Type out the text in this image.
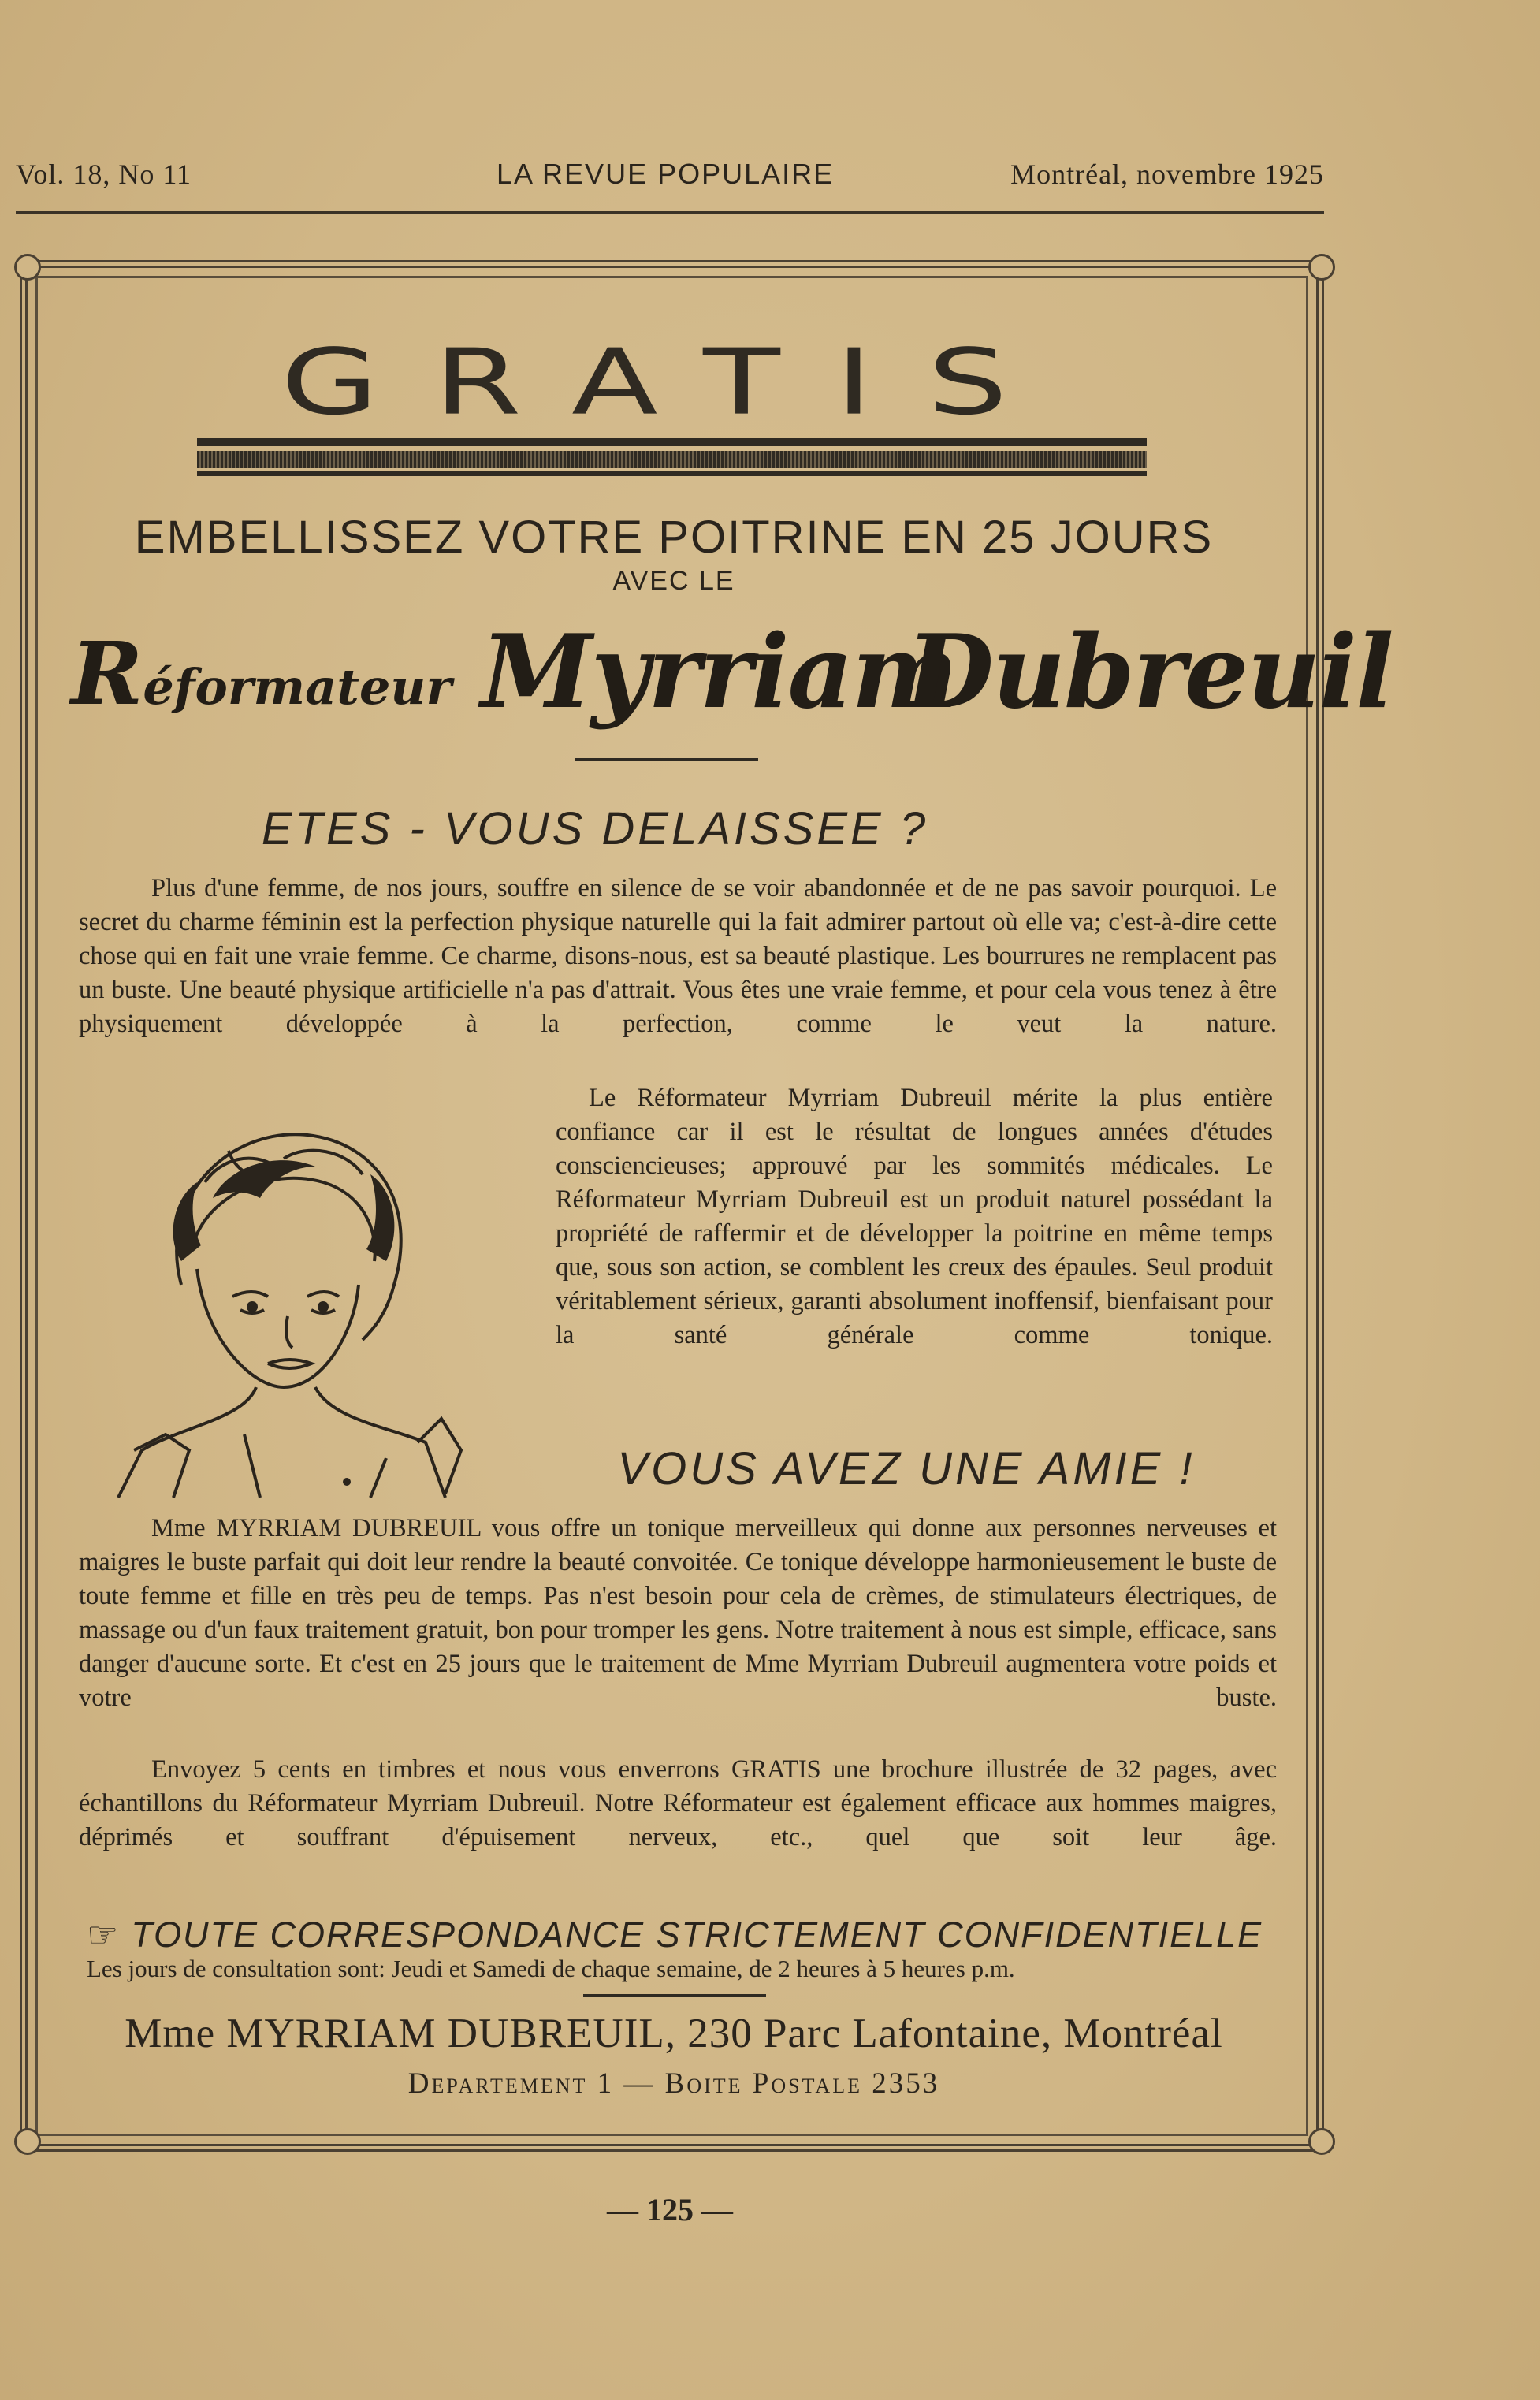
Vol. 18, No 11	LA REVUE POPULAIRE	Montréal, novembre 1925
GRATIS
EMBELLISSEZ VOTRE POITRINE EN 25 JOURS
AVEC LE
Réformateur Myrriam
Dubreuil
ETES - VOUS DELAISSEE ?
Plus d'une femme, de nos jours, souffre en silence de se voir abandonnée et de ne pas savoir pourquoi. Le secret du charme féminin est la perfection physique naturelle qui la fait admirer partout où elle va; c'est-à-dire cette chose qui en fait une vraie femme. Ce charme, disons-nous, est sa beauté plastique. Les bourrures ne remplacent pas un buste. Une beauté physique artificielle n'a pas d'attrait. Vous êtes une vraie femme, et pour cela vous tenez à être physiquement développée à la perfection, comme le veut la nature.
Le Réformateur Myrriam Dubreuil mérite la plus entière confiance car il est le résultat de longues années d'études consciencieuses; approuvé par les sommités médicales. Le Réformateur Myrriam Dubreuil est un produit naturel possédant la propriété de raffermir et de développer la poitrine en même temps que, sous son action, se comblent les creux des épaules. Seul produit véritablement sérieux, garanti absolument inoffensif, bienfaisant pour la santé générale comme tonique.
VOUS AVEZ UNE AMIE !
Mme MYRRIAM DUBREUIL vous offre un tonique merveilleux qui donne aux personnes nerveuses et maigres le buste parfait qui doit leur rendre la beauté convoitée. Ce tonique développe harmonieusement le buste de toute femme et fille en très peu de temps. Pas n'est besoin pour cela de crèmes, de stimulateurs électriques, de massage ou d'un faux traitement gratuit, bon pour tromper les gens. Notre traitement à nous est simple, efficace, sans danger d'aucune sorte. Et c'est en 25 jours que le traitement de Mme Myrriam Dubreuil augmentera votre poids et votre buste.
Envoyez 5 cents en timbres et nous vous enverrons GRATIS une brochure illustrée de 32 pages, avec échantillons du Réformateur Myrriam Dubreuil. Notre Réformateur est également efficace aux hommes maigres, déprimés et souffrant d'épuisement nerveux, etc., quel que soit leur âge.
☞ TOUTE CORRESPONDANCE STRICTEMENT CONFIDENTIELLE
Les jours de consultation sont: Jeudi et Samedi de chaque semaine, de 2 heures à 5 heures p.m.
Mme MYRRIAM DUBREUIL, 230 Parc Lafontaine, Montréal
Departement 1 — Boite Postale 2353
— 125 —
